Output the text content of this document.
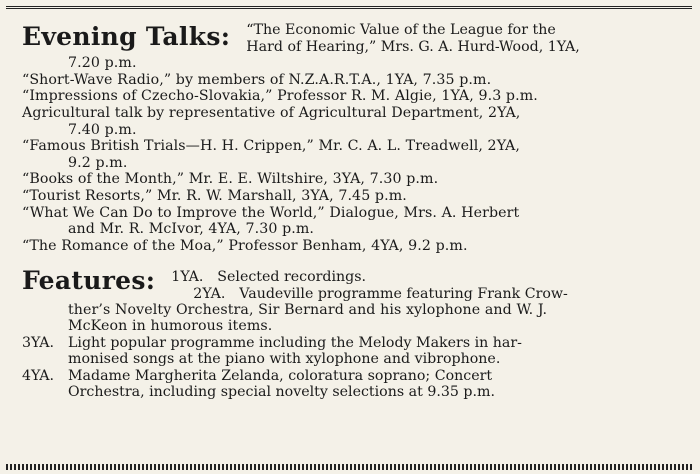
Evening Talks: “The Economic Value of the League for the
Hard of Hearing,” Mrs. G. A. Hurd-Wood, 1YA,
7.20 p.m.
“Short-Wave Radio,” by members of N.Z.A.R.T.A., 1YA, 7.35 p.m.
“Impressions of Czecho-Slovakia,” Professor R. M. Algie, 1YA, 9.3 p.m.
Agricultural talk by representative of Agricultural Department, 2YA,
7.40 p.m.
“Famous British Trials—H. H. Crippen,” Mr. C. A. L. Treadwell, 2YA,
9.2 p.m.
“Books of the Month,” Mr. E. E. Wiltshire, 3YA, 7.30 p.m.
“Tourist Resorts,” Mr. R. W. Marshall, 3YA, 7.45 p.m.
“What We Can Do to Improve the World,” Dialogue, Mrs. A. Herbert
and Mr. R. McIvor, 4YA, 7.30 p.m.
“The Romance of the Moa,” Professor Benham, 4YA, 9.2 p.m.
Features: 1YA. Selected recordings.
2YA. Vaudeville programme featuring Frank Crow-
ther’s Novelty Orchestra, Sir Bernard and his xylophone and W. J.
McKeon in humorous items.
3YA. Light popular programme including the Melody Makers in har-
monised songs at the piano with xylophone and vibrophone.
4YA. Madame Margherita Zelanda, coloratura soprano; Concert
Orchestra, including special novelty selections at 9.35 p.m.
